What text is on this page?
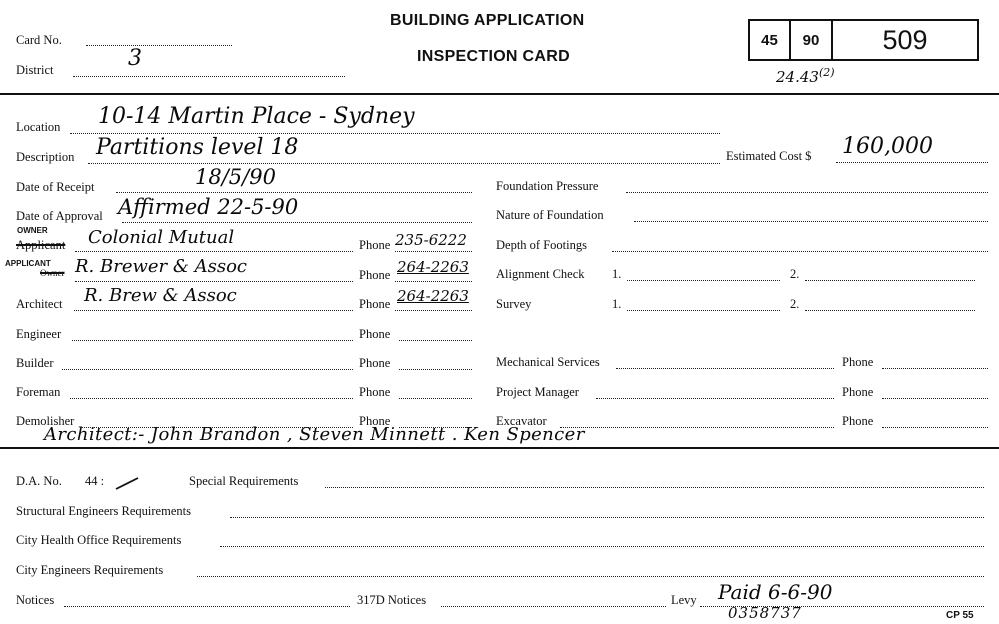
Card No.
District	3
BUILDING APPLICATION
INSPECTION CARD
45	90	509
24.43$^{(2)}$
Location 10-14 Martin Place - Sydney
Description Partitions level 18	Estimated Cost $ 160,000
Date of Receipt	18/5/90
Date of Approval Affirmed 22-5-90
OWNER
Applicant Colonial Mutual	Phone 235-6222
APPLICANT
Owner R. Brewer & Assoc	Phone 264-2263
Architect R. Brew & Assoc	Phone 264-2263
Engineer	Phone
Builder	Phone
Foreman	Phone
Demolisher	Phone
Foundation Pressure
Nature of Foundation
Depth of Footings
Alignment Check 1.	2.
Survey	1.	2.
Mechanical Services	Phone
Project Manager	Phone
Excavator	Phone
Architect:- John Brandon , Steven Minnett . Ken Spencer
D.A. No. 44 :	Special Requirements
Structural Engineers Requirements
City Health Office Requirements
City Engineers Requirements
Notices	317D Notices	Levy Paid 6-6-90
0358737	CP 55
